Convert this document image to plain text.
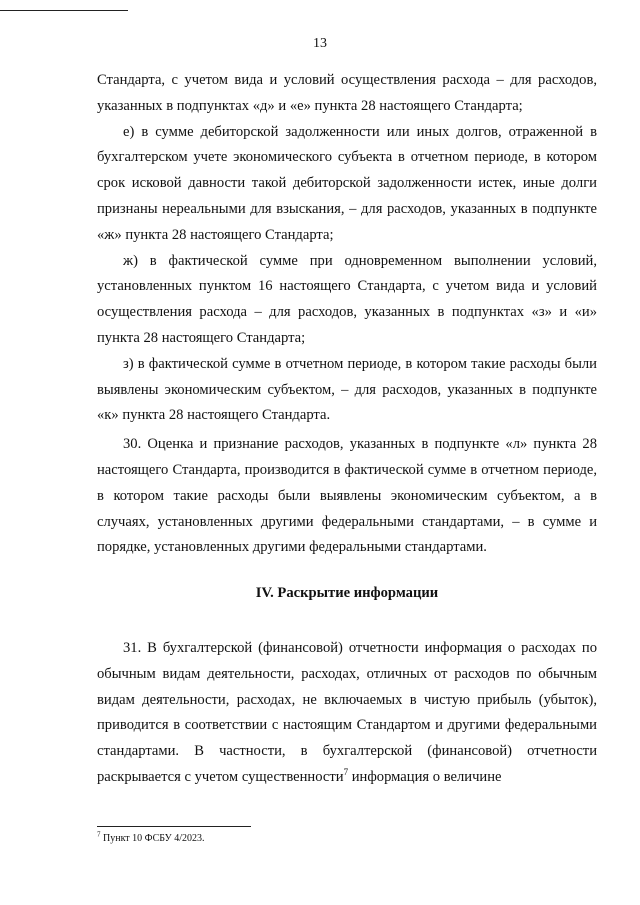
13

Стандарта, с учетом вида и условий осуществления расхода – для расходов, указанных в подпунктах «д» и «е» пункта 28 настоящего Стандарта;

е) в сумме дебиторской задолженности или иных долгов, отраженной в бухгалтерском учете экономического субъекта в отчетном периоде, в котором срок исковой давности такой дебиторской задолженности истек, иные долги признаны нереальными для взыскания, – для расходов, указанных в подпункте «ж» пункта 28 настоящего Стандарта;

ж) в фактической сумме при одновременном выполнении условий, установленных пунктом 16 настоящего Стандарта, с учетом вида и условий осуществления расхода – для расходов, указанных в подпунктах «з» и «и» пункта 28 настоящего Стандарта;

з) в фактической сумме в отчетном периоде, в котором такие расходы были выявлены экономическим субъектом, – для расходов, указанных в подпункте «к» пункта 28 настоящего Стандарта.

30. Оценка и признание расходов, указанных в подпункте «л» пункта 28 настоящего Стандарта, производится в фактической сумме в отчетном периоде, в котором такие расходы были выявлены экономическим субъектом, а в случаях, установленных другими федеральными стандартами, – в сумме и порядке, установленных другими федеральными стандартами.

IV. Раскрытие информации

31. В бухгалтерской (финансовой) отчетности информация о расходах по обычным видам деятельности, расходах, отличных от расходов по обычным видам деятельности, расходах, не включаемых в чистую прибыль (убыток), приводится в соответствии с настоящим Стандартом и другими федеральными стандартами. В частности, в бухгалтерской (финансовой) отчетности раскрывается с учетом существенности$^7$ информация о величине

$^7$ Пункт 10 ФСБУ 4/2023.
